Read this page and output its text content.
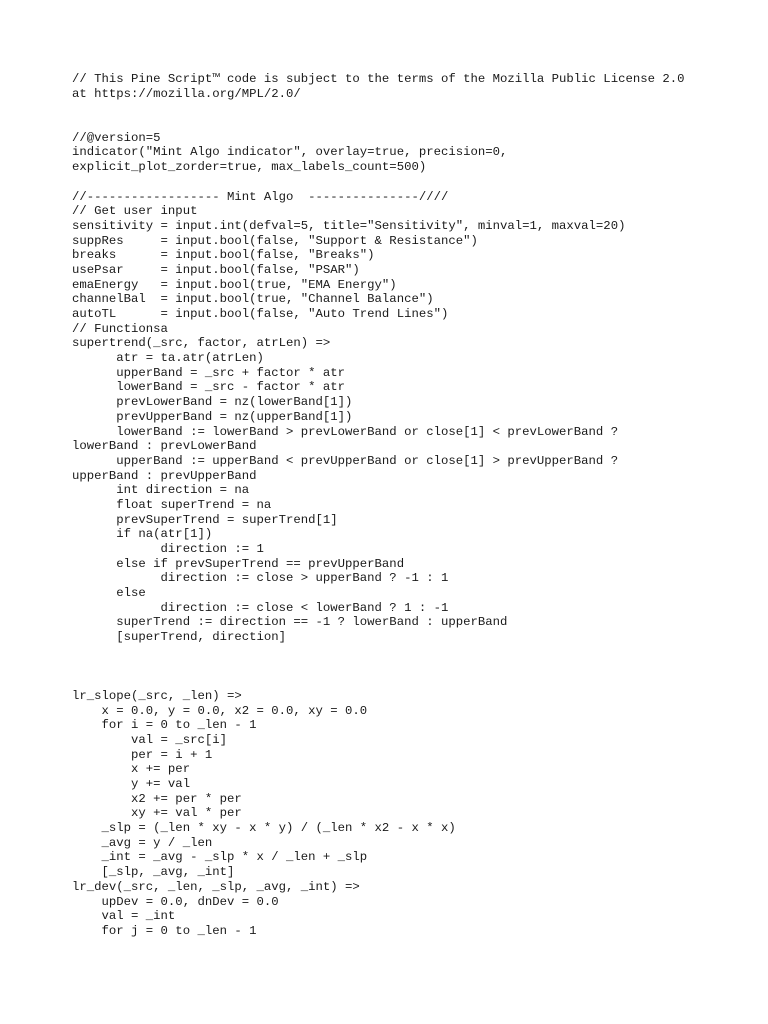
// This Pine Script™ code is subject to the terms of the Mozilla Public License 2.0
at https://mozilla.org/MPL/2.0/
//@version=5
indicator("Mint Algo indicator", overlay=true, precision=0,
explicit_plot_zorder=true, max_labels_count=500)
//------------------ Mint Algo  ---------------////
// Get user input
sensitivity = input.int(defval=5, title="Sensitivity", minval=1, maxval=20)
suppRes     = input.bool(false, "Support & Resistance")
breaks      = input.bool(false, "Breaks")
usePsar     = input.bool(false, "PSAR")
emaEnergy   = input.bool(true, "EMA Energy")
channelBal  = input.bool(true, "Channel Balance")
autoTL      = input.bool(false, "Auto Trend Lines")
// Functionsa
supertrend(_src, factor, atrLen) =>
atr = ta.atr(atrLen)
upperBand = _src + factor * atr
lowerBand = _src - factor * atr
prevLowerBand = nz(lowerBand[1])
prevUpperBand = nz(upperBand[1])
lowerBand := lowerBand > prevLowerBand or close[1] < prevLowerBand ?
lowerBand : prevLowerBand
upperBand := upperBand < prevUpperBand or close[1] > prevUpperBand ?
upperBand : prevUpperBand
int direction = na
float superTrend = na
prevSuperTrend = superTrend[1]
if na(atr[1])
direction := 1
else if prevSuperTrend == prevUpperBand
direction := close > upperBand ? -1 : 1
else
direction := close < lowerBand ? 1 : -1
superTrend := direction == -1 ? lowerBand : upperBand
[superTrend, direction]
lr_slope(_src, _len) =>
x = 0.0, y = 0.0, x2 = 0.0, xy = 0.0
for i = 0 to _len - 1
val = _src[i]
per = i + 1
x += per
y += val
x2 += per * per
xy += val * per
_slp = (_len * xy - x * y) / (_len * x2 - x * x)
_avg = y / _len
_int = _avg - _slp * x / _len + _slp
[_slp, _avg, _int]
lr_dev(_src, _len, _slp, _avg, _int) =>
upDev = 0.0, dnDev = 0.0
val = _int
for j = 0 to _len - 1
